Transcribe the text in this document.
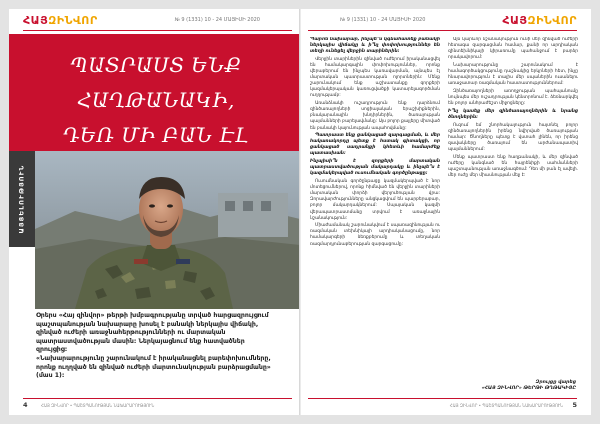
ՀԱՅԶԻՆՎՈՐ	№ 9 (1331) 10 - 24 ՄԱՅԻՍԻ 2020
ՊԱՏՐԱՍՏ ԵՆՔ ՀԱՂԹԱՆԱԿԻ,
ԴԵՌ ՄԻ ԲԱՆ ԷԼ
ԱՅՑԵԼՈՒԹՅՈՒՆ

Օրերս «Հայ զինվոր» թերթի խմբագրությանը տրված հարցազրույցում պաշտպանության նախարարը խոսել է բանակի ներկայիս վիճակի, զինված ուժերի առաջնահերթությունների ու մարտական պատրաստվածության մասին: Ներկայացնում ենք հատվածներ զրույցից:
«Նախարարությունը շարունակում է իրականացնել բարեփոխումները, որոնք ուղղված են զինված ուժերի մարտունակության բարձրացմանը» (մաս 1):

4	ՀԱՅ ԶԻՆՎՈՐ • ՊԱՇՏՊԱՆՈՒԹՅԱՆ ՆԱԽԱՐԱՐՈՒԹՅՈՒՆ
№ 9 (1331) 10 - 24 ՄԱՅԻՍԻ 2020	ՀԱՅԶԻՆՎՈՐ

Պարոն նախարար, ինչպե՞ս կգնահատեք բանակի ներկայիս վիճակը և ի՞նչ փոփոխություններ են տեղի ունեցել վերջին տարիներին:

Վերջին տարիներին զինված ուժերում իրականացվել են համակարգային փոփոխություններ, որոնք վերաբերում են ինչպես կառավարման, այնպես էլ մարտական պատրաստության ոլորտներին: Մենք շարունակում ենք աշխատանքը զորքերի կազմակերպական կառուցվածքի կատարելագործման ուղղությամբ:

Առանձնակի ուշադրություն ենք դարձնում զինծառայողների սոցիալական երաշխիքներին, բնակարանային խնդիրներին, ծառայության պայմանների բարելավմանը: Այս բոլոր քայլերը միտված են բանակի կայունության ապահովմանը:

Պատրաստ ենք ցանկացած զարգացման, և մեր հակառակորդը պետք է հստակ գիտակցի, որ ցանկացած սադրանքի կհետևի համարժեք պատասխան:

Ինչպիսի՞ն է զորքերի մարտական պատրաստվածության մակարդակը և ինչպե՞ս է կազմակերպված ուսումնական գործընթացը:

Ուսումնական գործընթացը կազմակերպված է նոր մոտեցումներով, որոնք հիմնված են վերջին տարիների մարտական փորձի վերլուծության վրա: Զորավարժությունները անցկացվում են պարբերաբար, բոլոր մակարդակներում: Սպայական կազմի վերապատրաստմանը տրվում է առաջնային նշանակություն:

Միաժամանակ շարունակվում է սպառազինության ու ռազմական տեխնիկայի արդիականացումը, նոր համակարգերի ձեռքբերումը և տեղական ռազմարդյունաբերության զարգացումը:

Այն կարևոր նշանակություն ունի մեր զինված ուժերի հետագա զարգացման համար, քանի որ արդիական զինտեխնիկայի կիրառումը պահանջում է բարձր որակավորում:

Նախարարությունը շարունակում է համագործակցությունը դաշնակից երկրների հետ, ինչը հնարավորություն է տալիս մեր սպաներին ուսանելու առաջատար ռազմական հաստատություններում:

Զինծառայողների առողջության պահպանումը նույնպես մեր ուշադրության կենտրոնում է. ձեռնարկվել են բոլոր անհրաժեշտ միջոցները:

Ի՞նչ կասեք մեր զինծառայողներին և նրանց ծնողներին:

Ուզում եմ շնորհակալություն հայտնել բոլոր զինծառայողներին իրենց նվիրված ծառայության համար: Ծնողները պետք է վստահ լինեն, որ իրենց զավակները ծառայում են արժանապատիվ պայմաններում:

Մենք պատրաստ ենք հաղթանակի, և մեր զինված ուժերը կանգնած են հայրենիքի սահմանների պաշտպանության առաջնագծում: Դեռ մի բան էլ ավելի. մեր ուժը մեր միասնության մեջ է:

Զրույցը վարեց
«ՀԱՅ ԶԻՆՎՈՐ» ԹԵՐԹԻ ԹՂԹԱԿԻՑԸ

ՀԱՅ ԶԻՆՎՈՐ • ՊԱՇՏՊԱՆՈՒԹՅԱՆ ՆԱԽԱՐԱՐՈՒԹՅՈՒՆ 5
